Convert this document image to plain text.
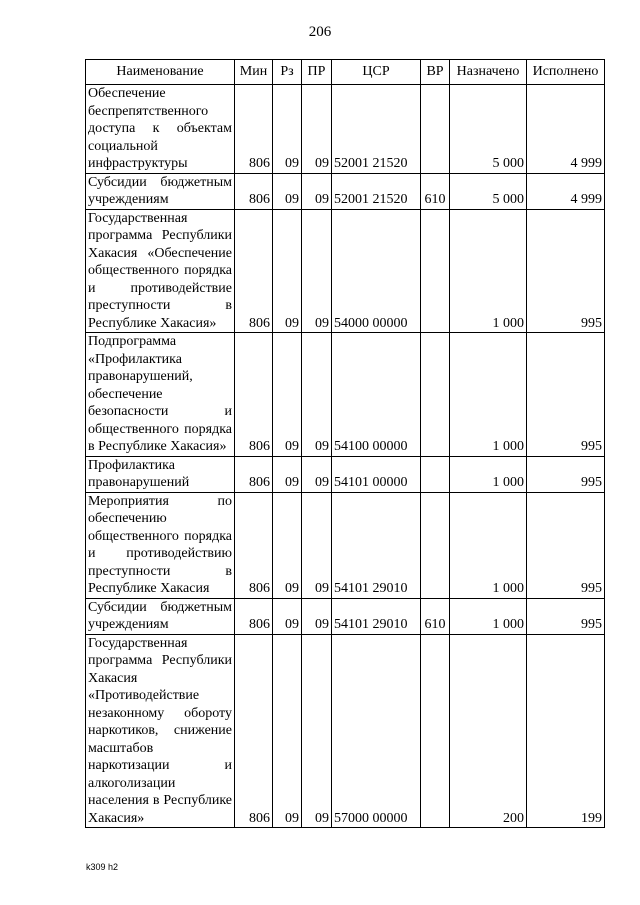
206
Наименование	Мин	Рз	ПР	ЦСР	ВР	Назначено	Исполнено
Обеспечение беспрепятственного доступа к объектам социальной инфраструктуры	806	09	09	52001 21520		5 000	4 999
Субсидии бюджетным учреждениям	806	09	09	52001 21520	610	5 000	4 999
Государственная программа Республики Хакасия «Обеспечение общественного порядка и противодействие преступности в Республике Хакасия»	806	09	09	54000 00000		1 000	995
Подпрограмма «Профилактика правонарушений, обеспечение безопасности и общественного порядка в Республике Хакасия»	806	09	09	54100 00000		1 000	995
Профилактика правонарушений	806	09	09	54101 00000		1 000	995
Мероприятия по обеспечению общественного порядка и противодействию преступности в Республике Хакасия	806	09	09	54101 29010		1 000	995
Субсидии бюджетным учреждениям	806	09	09	54101 29010	610	1 000	995
Государственная программа Республики Хакасия «Противодействие незаконному обороту наркотиков, снижение масштабов наркотизации и алкоголизации населения в Республике Хакасия»	806	09	09	57000 00000		200	199
k309 h2
